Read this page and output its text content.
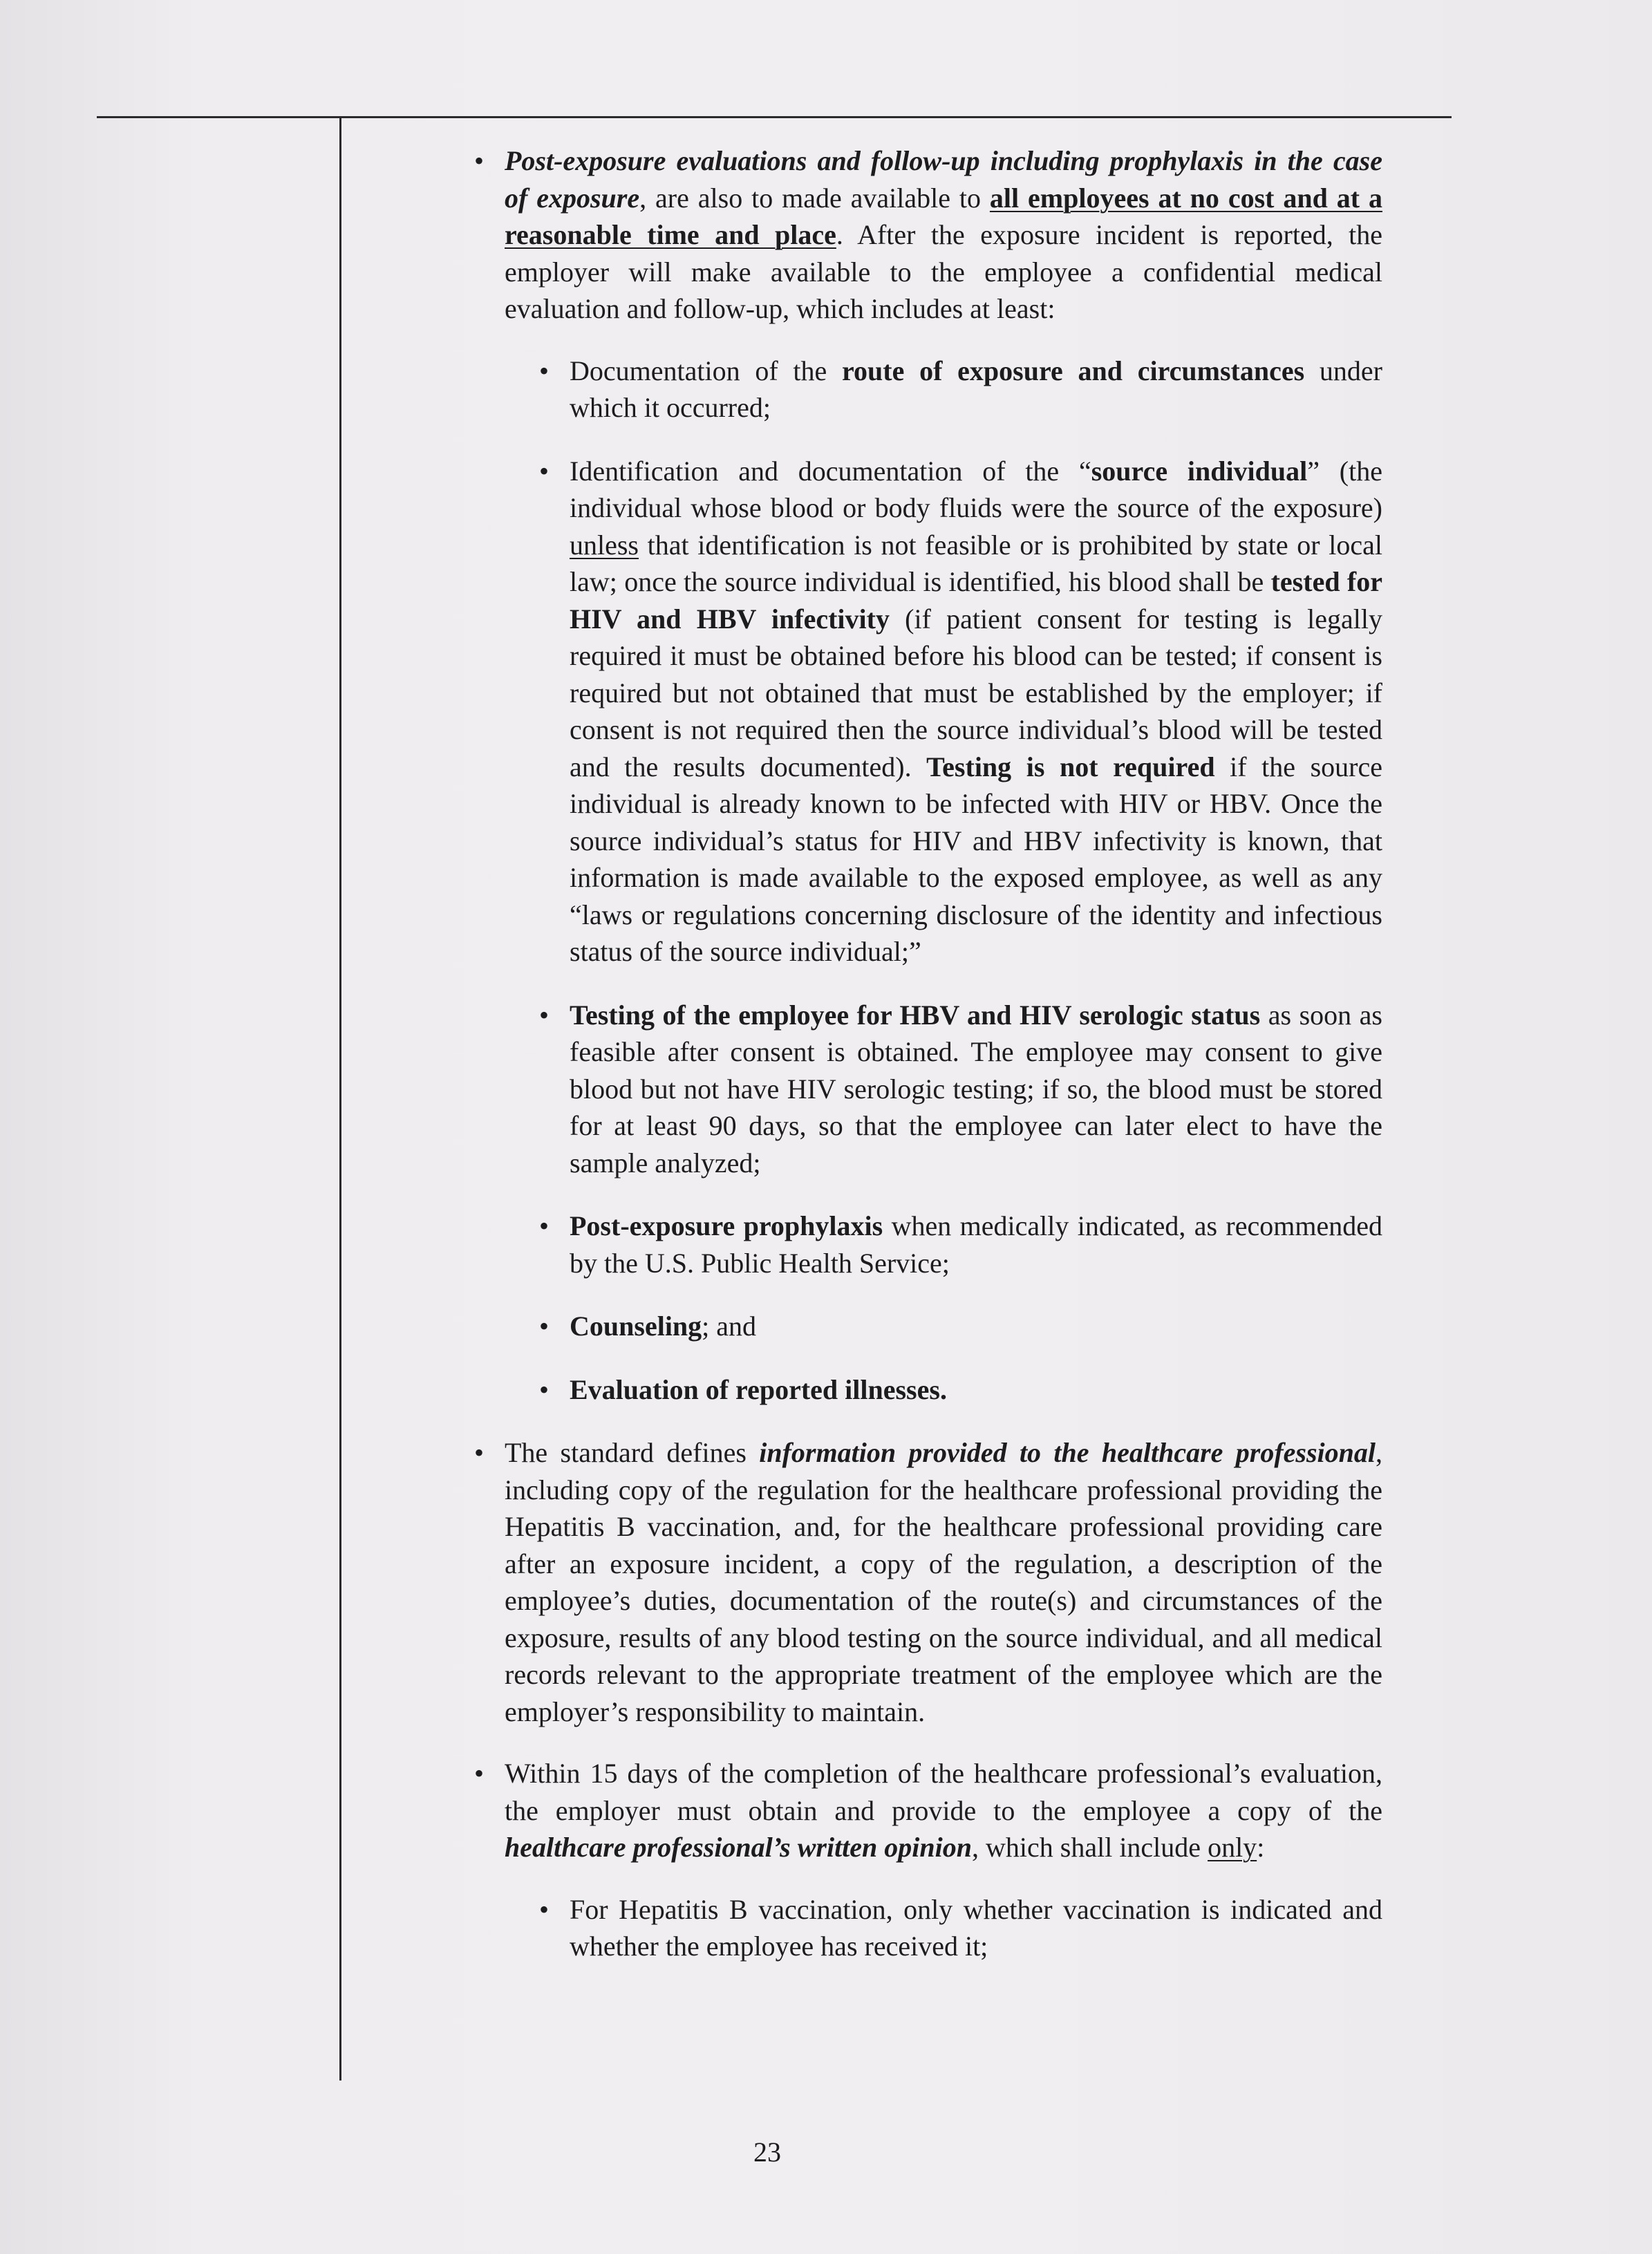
• Post-exposure evaluations and follow-up including prophylaxis in the case of exposure, are also to made available to all employees at no cost and at a reasonable time and place. After the exposure incident is reported, the employer will make available to the employee a confidential medical evaluation and follow-up, which includes at least:
• Documentation of the route of exposure and circumstances under which it occurred;
• Identification and documentation of the “source individual” (the individual whose blood or body fluids were the source of the exposure) unless that identification is not feasible or is prohibited by state or local law; once the source individual is identified, his blood shall be tested for HIV and HBV infectivity (if patient consent for testing is legally required it must be obtained before his blood can be tested; if consent is required but not obtained that must be established by the employer; if consent is not required then the source individual’s blood will be tested and the results documented). Testing is not required if the source individual is already known to be infected with HIV or HBV. Once the source individual’s status for HIV and HBV infectivity is known, that information is made available to the exposed employee, as well as any “laws or regulations concerning disclosure of the identity and infectious status of the source individual;”
• Testing of the employee for HBV and HIV serologic status as soon as feasible after consent is obtained. The employee may consent to give blood but not have HIV serologic testing; if so, the blood must be stored for at least 90 days, so that the employee can later elect to have the sample analyzed;
• Post-exposure prophylaxis when medically indicated, as recommended by the U.S. Public Health Service;
• Counseling; and
• Evaluation of reported illnesses.
• The standard defines information provided to the healthcare professional, including copy of the regulation for the healthcare professional providing the Hepatitis B vaccination, and, for the healthcare professional providing care after an exposure incident, a copy of the regulation, a description of the employee’s duties, documentation of the route(s) and circumstances of the exposure, results of any blood testing on the source individual, and all medical records relevant to the appropriate treatment of the employee which are the employer’s responsibility to maintain.
• Within 15 days of the completion of the healthcare professional’s evaluation, the employer must obtain and provide to the employee a copy of the healthcare professional’s written opinion, which shall include only:
• For Hepatitis B vaccination, only whether vaccination is indicated and whether the employee has received it;
23
